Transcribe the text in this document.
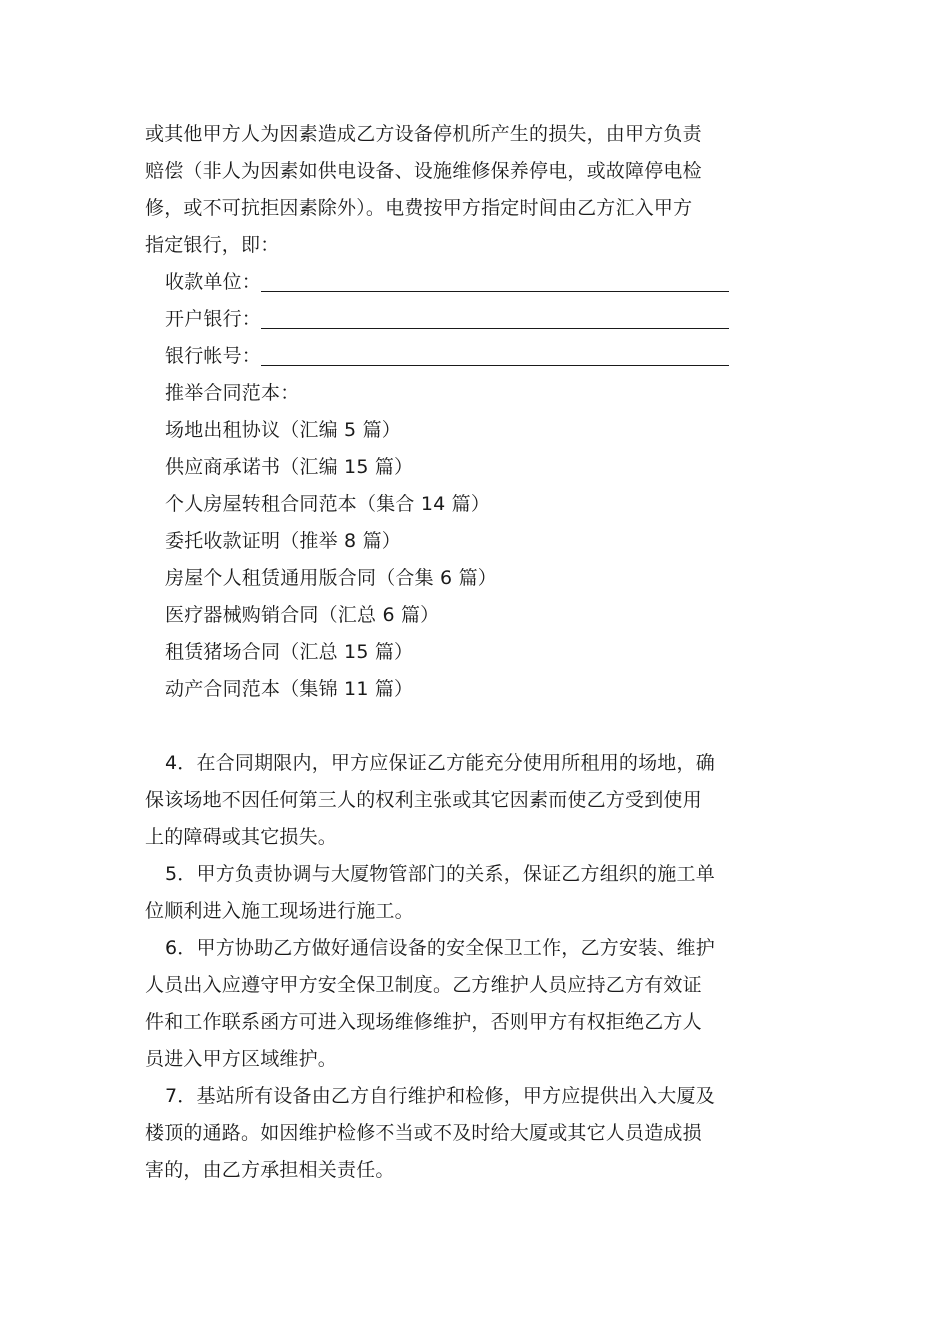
或其他甲方人为因素造成乙方设备停机所产生的损失，由甲方负责

赔偿（非人为因素如供电设备、设施维修保养停电，或故障停电检

修，或不可抗拒因素除外）。电费按甲方指定时间由乙方汇入甲方

指定银行，即：

收款单位：
开户银行：
银行帐号：

推举合同范本：

场地出租协议（汇编 5 篇）

供应商承诺书（汇编 15 篇）

个人房屋转租合同范本（集合 14 篇）

委托收款证明（推举 8 篇）

房屋个人租赁通用版合同（合集 6 篇）

医疗器械购销合同（汇总 6 篇）

租赁猪场合同（汇总 15 篇）

动产合同范本（集锦 11 篇）

4．在合同期限内，甲方应保证乙方能充分使用所租用的场地，确

保该场地不因任何第三人的权利主张或其它因素而使乙方受到使用

上的障碍或其它损失。

5．甲方负责协调与大厦物管部门的关系，保证乙方组织的施工单

位顺利进入施工现场进行施工。

6．甲方协助乙方做好通信设备的安全保卫工作，乙方安装、维护

人员出入应遵守甲方安全保卫制度。乙方维护人员应持乙方有效证

件和工作联系函方可进入现场维修维护，否则甲方有权拒绝乙方人

员进入甲方区域维护。

7．基站所有设备由乙方自行维护和检修，甲方应提供出入大厦及

楼顶的通路。如因维护检修不当或不及时给大厦或其它人员造成损

害的，由乙方承担相关责任。
